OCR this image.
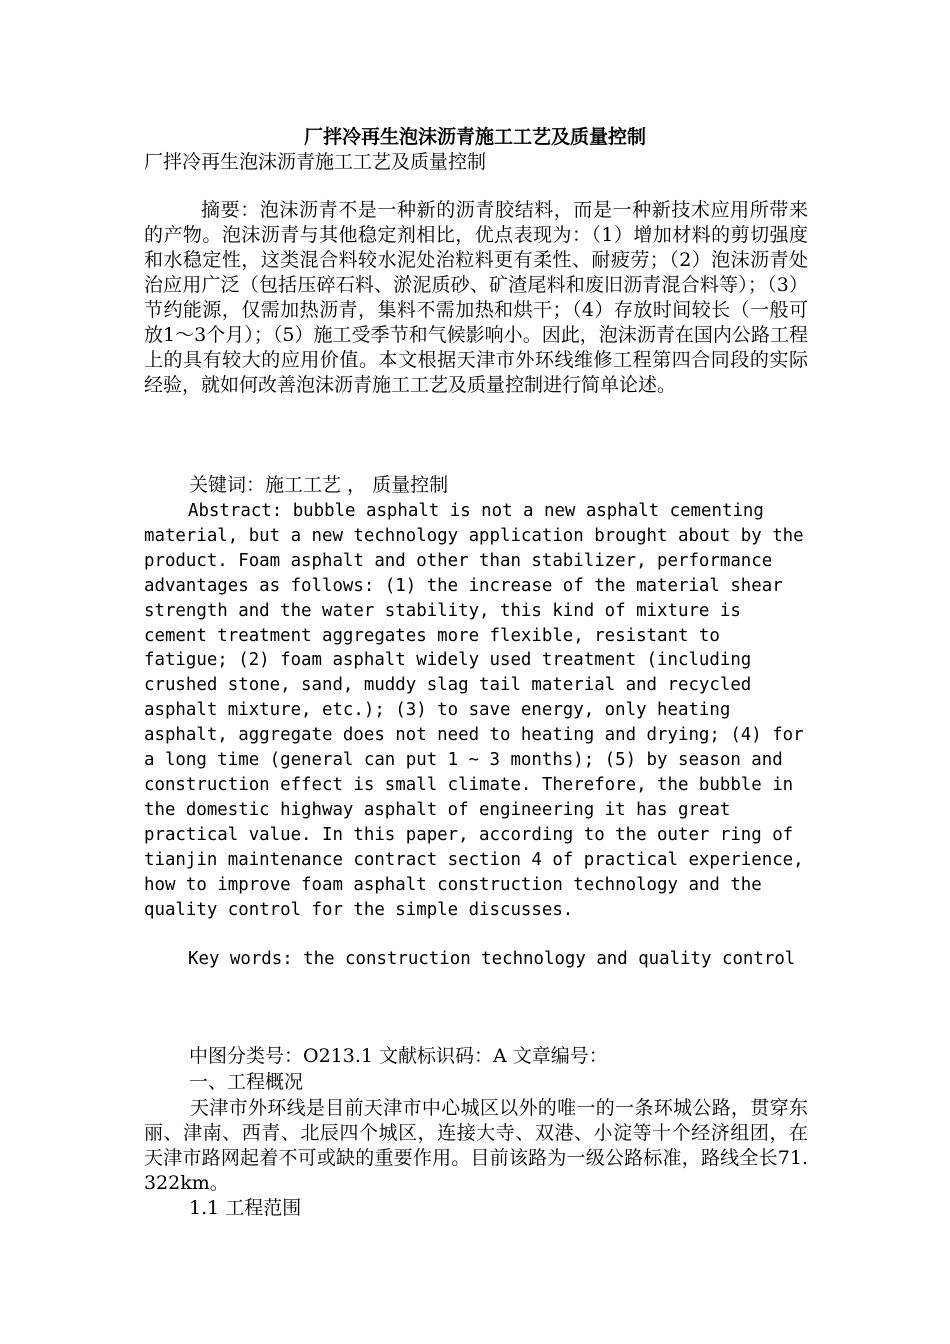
厂拌冷再生泡沫沥青施工工艺及质量控制
厂拌冷再生泡沫沥青施工工艺及质量控制

摘要：泡沫沥青不是一种新的沥青胶结料，而是一种新技术应用所带来的产物。泡沫沥青与其他稳定剂相比，优点表现为：（1）增加材料的剪切强度和水稳定性，这类混合料较水泥处治粒料更有柔性、耐疲劳；（2）泡沫沥青处治应用广泛（包括压碎石料、淤泥质砂、矿渣尾料和废旧沥青混合料等）；（3）节约能源，仅需加热沥青，集料不需加热和烘干；（4）存放时间较长（一般可放1～3个月）；（5）施工受季节和气候影响小。因此，泡沫沥青在国内公路工程上的具有较大的应用价值。本文根据天津市外环线维修工程第四合同段的实际经验，就如何改善泡沫沥青施工工艺及质量控制进行简单论述。

关键词：施工工艺 ， 质量控制

Abstract: bubble asphalt is not a new asphalt cementing material, but a new technology application brought about by the product. Foam asphalt and other than stabilizer, performance advantages as follows: (1) the increase of the material shear strength and the water stability, this kind of mixture is cement treatment aggregates more flexible, resistant to fatigue; (2) foam asphalt widely used treatment (including crushed stone, sand, muddy slag tail material and recycled asphalt mixture, etc.); (3) to save energy, only heating asphalt, aggregate does not need to heating and drying; (4) for a long time (general can put 1 ~ 3 months); (5) by season and construction effect is small climate. Therefore, the bubble in the domestic highway asphalt of engineering it has great practical value. In this paper, according to the outer ring of tianjin maintenance contract section 4 of practical experience, how to improve foam asphalt construction technology and the quality control for the simple discusses.

Key words: the construction technology and quality control

中图分类号：O213.1 文献标识码：A 文章编号：

一、工程概况

天津市外环线是目前天津市中心城区以外的唯一的一条环城公路，贯穿东丽、津南、西青、北辰四个城区，连接大寺、双港、小淀等十个经济组团，在天津市路网起着不可或缺的重要作用。目前该路为一级公路标准，路线全长71.322km。

1.1 工程范围
